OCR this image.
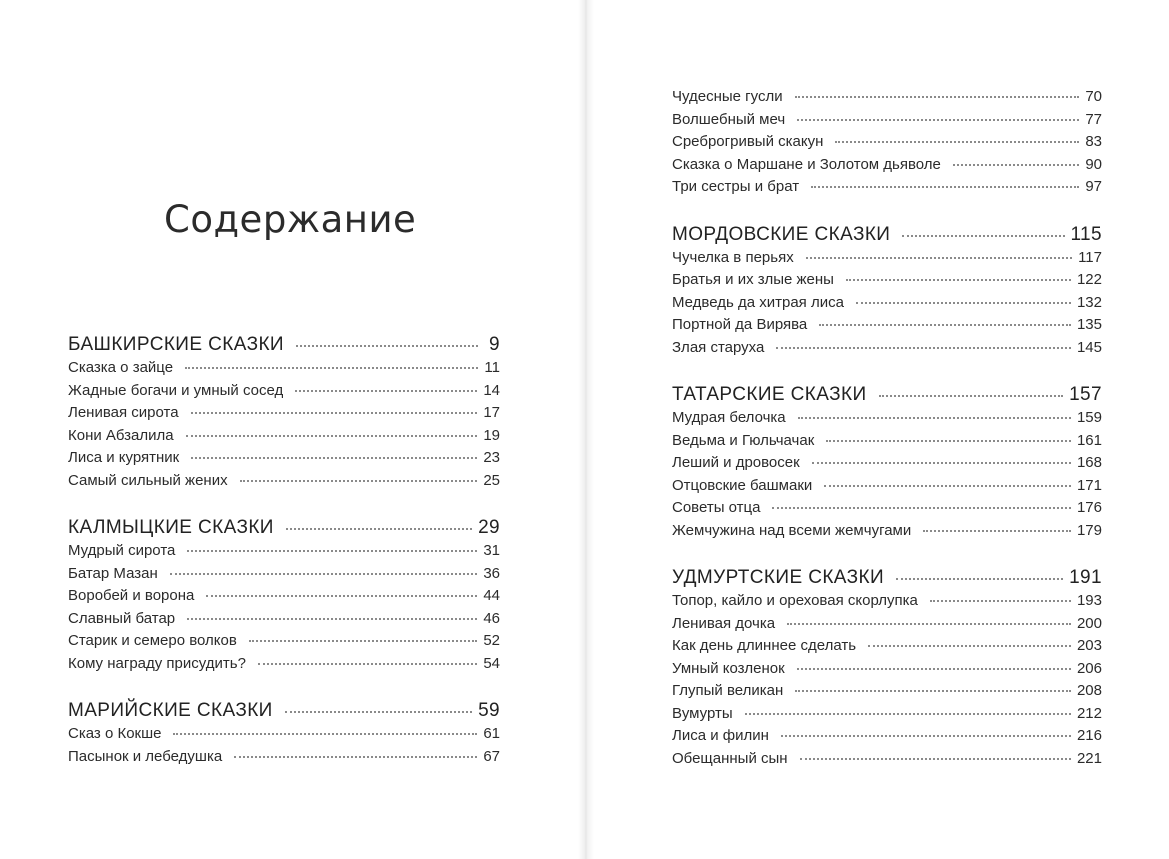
Содержание
БАШКИРСКИЕ СКАЗКИ	9
Сказка о зайце	11
Жадные богачи и умный сосед	14
Ленивая сирота	17
Кони Абзалила	19
Лиса и курятник	23
Самый сильный жених	25
КАЛМЫЦКИЕ СКАЗКИ	29
Мудрый сирота	31
Батар Мазан	36
Воробей и ворона	44
Славный батар	46
Старик и семеро волков	52
Кому награду присудить?	54
МАРИЙСКИЕ СКАЗКИ	59
Сказ о Кокше	61
Пасынок и лебедушка	67
Чудесные гусли	70
Волшебный меч	77
Среброгривый скакун	83
Сказка о Маршане и Золотом дьяволе	90
Три сестры и брат	97
МОРДОВСКИЕ СКАЗКИ	115
Чучелка в перьях	117
Братья и их злые жены	122
Медведь да хитрая лиса	132
Портной да Вирява	135
Злая старуха	145
ТАТАРСКИЕ СКАЗКИ	157
Мудрая белочка	159
Ведьма и Гюльчачак	161
Леший и дровосек	168
Отцовские башмаки	171
Советы отца	176
Жемчужина над всеми жемчугами	179
УДМУРТСКИЕ СКАЗКИ	191
Топор, кайло и ореховая скорлупка	193
Ленивая дочка	200
Как день длиннее сделать	203
Умный козленок	206
Глупый великан	208
Вумурты	212
Лиса и филин	216
Обещанный сын	221
